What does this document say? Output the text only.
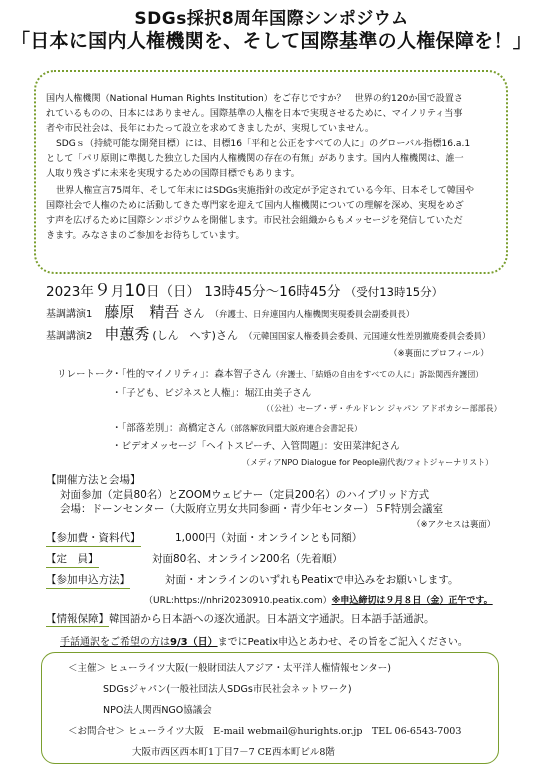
SDGs採択8周年国際シンポジウム
「日本に国内人権機関を、そして国際基準の人権保障を！」
国内人権機関（National Human Rights Institution）をご存じですか？　世界の約120か国で設置さ
れているものの、日本にはありません。国際基準の人権を日本で実現させるために、マイノリティ当事
者や市民社会は、長年にわたって設立を求めてきましたが、実現していません。
SDGｓ（持続可能な開発目標）には、目標16「平和と公正をすべての人に」のグローバル指標16.a.1
として「パリ原則に準拠した独立した国内人権機関の存在の有無」があります。国内人権機関は、誰一
人取り残さずに未来を実現するための国際目標でもあります。
世界人権宣言75周年、そして年末にはSDGs実施指針の改定が予定されている今年、日本そして韓国や
国際社会で人権のために活動してきた専門家を迎えて国内人権機関についての理解を深め、実現をめざ
す声を広げるために国際シンポジウムを開催します。市民社会組織からもメッセージを発信していただ
きます。みなさまのご参加をお待ちしています。
2023年９月10日（日） 13時45分～16時45分 （受付13時15分）
基調講演1 藤原　精吾 さん （弁護士、日弁連国内人権機関実現委員会副委員長）
基調講演2 申蕙秀 (しん　へす)さん （元韓国国家人権委員会委員、元国連女性差別撤廃委員会委員）
（※裏面にプロフィール）
リレートーク
・「性的マイノリティ」：森本智子さん（弁護士、「結婚の自由をすべての人に」訴訟関西弁護団）
・「子ども、ビジネスと人権」：堀江由美子さん
（（公社）セーブ・ザ・チルドレン ジャパン アドボカシー部部長）
・「部落差別」：高橋定さん（部落解放同盟大阪府連合会書記長）
・ビデオメッセージ「ヘイトスピーチ、入管問題」：安田菜津紀さん
（メディアNPO Dialogue for People副代表/フォトジャーナリスト）
【開催方法と会場】
対面参加（定員80名）とZOOMウェビナー（定員200名）のハイブリッド方式
会場：ドーンセンター（大阪府立男女共同参画・青少年センター）５F特別会議室
（※アクセスは裏面）
【参加費・資料代】	1,000円（対面・オンラインとも同額）
【定　員】	対面80名、オンライン200名（先着順）
【参加申込方法】	対面・オンラインのいずれもPeatixで申込みをお願いします。
（URL:https://nhri20230910.peatix.com）※申込締切は９月８日（金）正午です。
【情報保障】韓国語から日本語への逐次通訳。日本語文字通訳。日本語手話通訳。
手話通訳をご希望の方は9/3（日）までにPeatix申込とあわせ、その旨をご記入ください。
＜主催＞ ヒューライツ大阪(一般財団法人アジア・太平洋人権情報センター)
SDGsジャパン(一般社団法人SDGs市民社会ネットワーク)
NPO法人関西NGO協議会
＜お問合せ＞ ヒューライツ大阪　E-mail webmail@hurights.or.jp　TEL 06-6543-7003
大阪市西区西本町1丁目7－7 CE西本町ビル8階
